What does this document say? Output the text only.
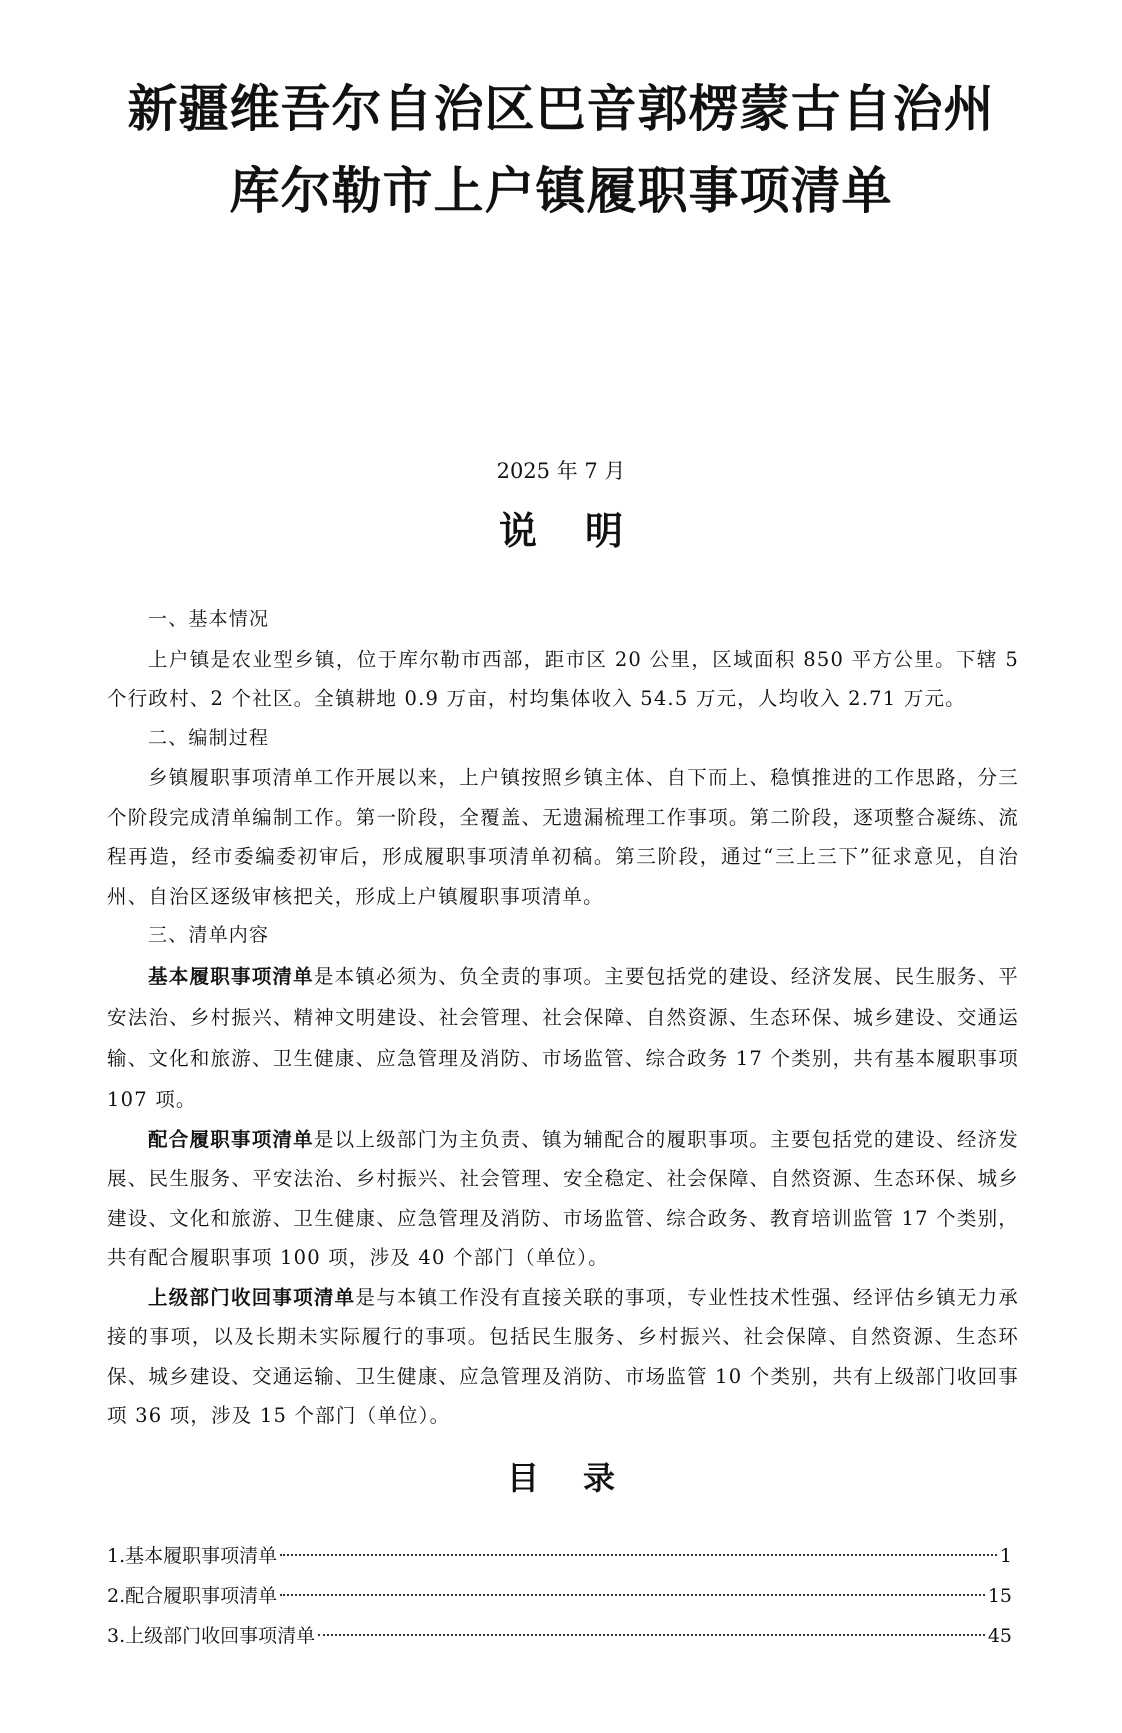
新疆维吾尔自治区巴音郭楞蒙古自治州
库尔勒市上户镇履职事项清单
2025 年 7 月
说明
一、基本情况

上户镇是农业型乡镇，位于库尔勒市西部，距市区 20 公里，区域面积 850 平方公里。下辖 5 个行政村、2 个社区。全镇耕地 0.9 万亩，村均集体收入 54.5 万元，人均收入 2.71 万元。

二、编制过程

乡镇履职事项清单工作开展以来，上户镇按照乡镇主体、自下而上、稳慎推进的工作思路，分三个阶段完成清单编制工作。第一阶段，全覆盖、无遗漏梳理工作事项。第二阶段，逐项整合凝练、流程再造，经市委编委初审后，形成履职事项清单初稿。第三阶段，通过“三上三下”征求意见，自治州、自治区逐级审核把关，形成上户镇履职事项清单。

三、清单内容

基本履职事项清单是本镇必须为、负全责的事项。主要包括党的建设、经济发展、民生服务、平安法治、乡村振兴、精神文明建设、社会管理、社会保障、自然资源、生态环保、城乡建设、交通运输、文化和旅游、卫生健康、应急管理及消防、市场监管、综合政务 17 个类别，共有基本履职事项 107 项。

配合履职事项清单是以上级部门为主负责、镇为辅配合的履职事项。主要包括党的建设、经济发展、民生服务、平安法治、乡村振兴、社会管理、安全稳定、社会保障、自然资源、生态环保、城乡建设、文化和旅游、卫生健康、应急管理及消防、市场监管、综合政务、教育培训监管 17 个类别，共有配合履职事项 100 项，涉及 40 个部门（单位）。

上级部门收回事项清单是与本镇工作没有直接关联的事项，专业性技术性强、经评估乡镇无力承接的事项，以及长期未实际履行的事项。包括民生服务、乡村振兴、社会保障、自然资源、生态环保、城乡建设、交通运输、卫生健康、应急管理及消防、市场监管 10 个类别，共有上级部门收回事项 36 项，涉及 15 个部门（单位）。

目录
1.基本履职事项清单	1
2.配合履职事项清单	15
3.上级部门收回事项清单	45
